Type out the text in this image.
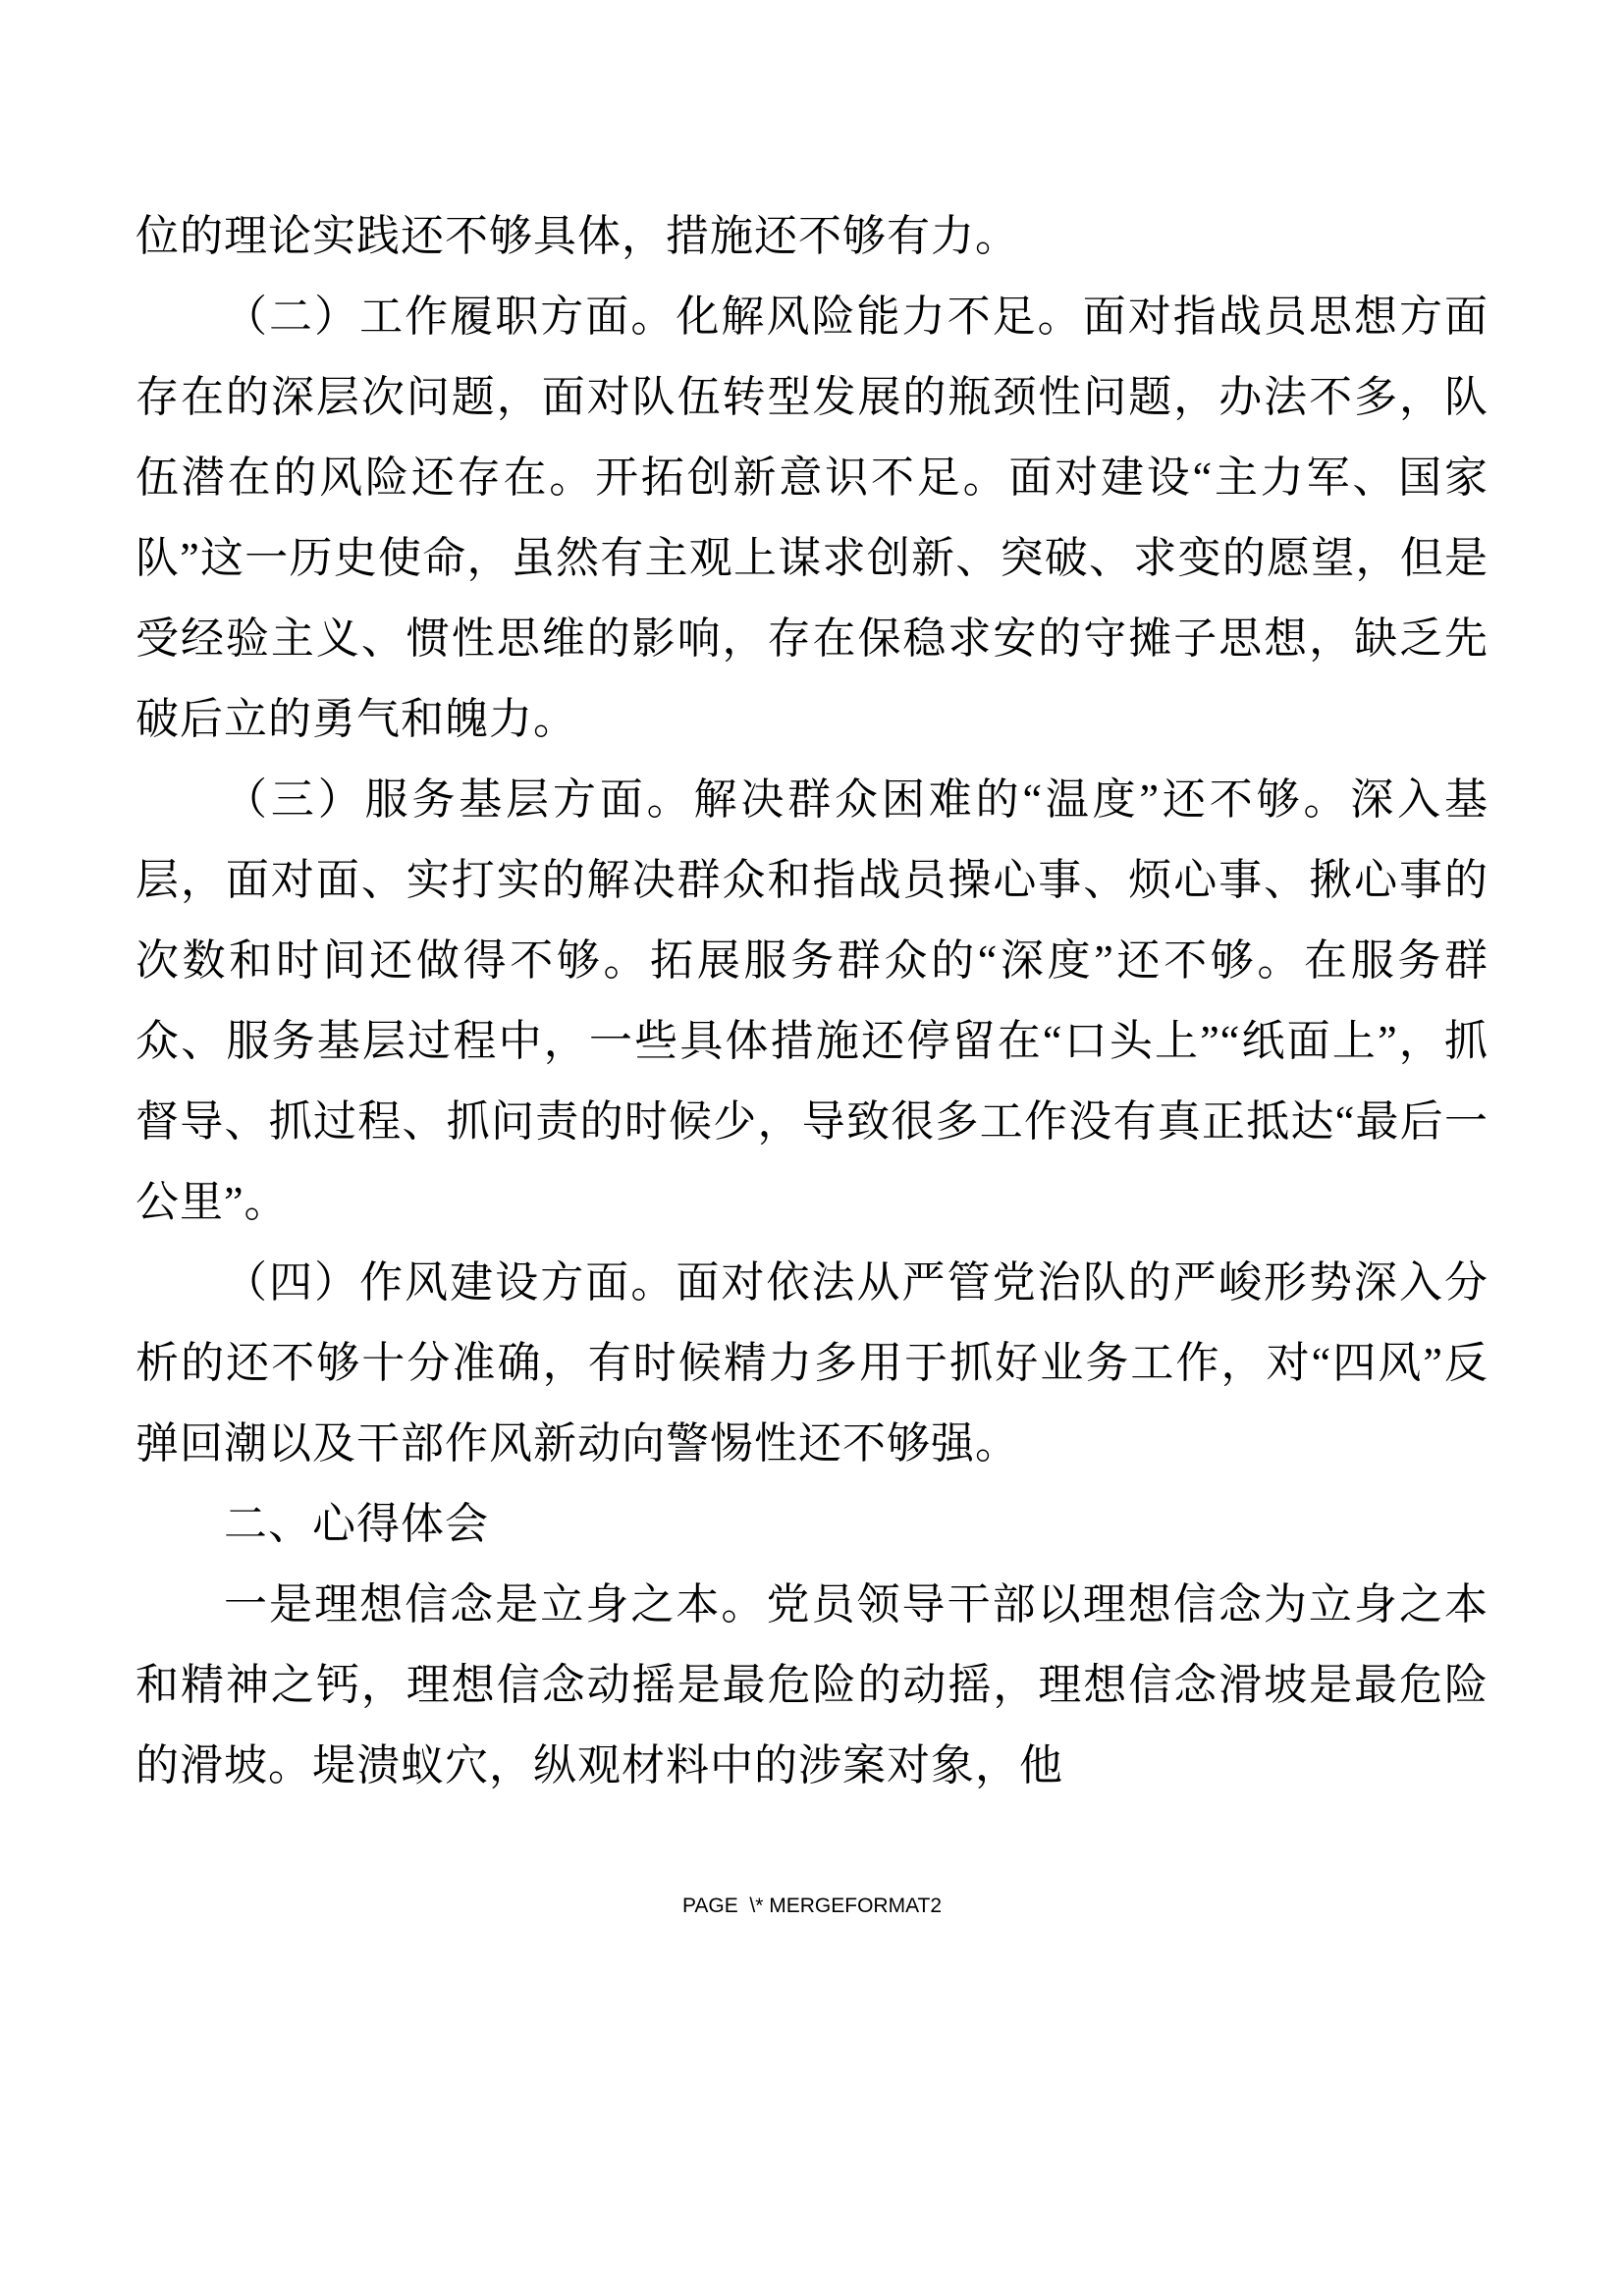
位的理论实践还不够具体，措施还不够有力。

（二）工作履职方面。化解风险能力不足。面对指战员思想方面存在的深层次问题，面对队伍转型发展的瓶颈性问题，办法不多，队伍潜在的风险还存在。开拓创新意识不足。面对建设“主力军、国家队”这一历史使命，虽然有主观上谋求创新、突破、求变的愿望，但是受经验主义、惯性思维的影响，存在保稳求安的守摊子思想，缺乏先破后立的勇气和魄力。

（三）服务基层方面。解决群众困难的“温度”还不够。深入基层，面对面、实打实的解决群众和指战员操心事、烦心事、揪心事的次数和时间还做得不够。拓展服务群众的“深度”还不够。在服务群众、服务基层过程中，一些具体措施还停留在“口头上”“纸面上”，抓督导、抓过程、抓问责的时候少，导致很多工作没有真正抵达“最后一公里”。

（四）作风建设方面。面对依法从严管党治队的严峻形势深入分析的还不够十分准确，有时候精力多用于抓好业务工作，对“四风”反弹回潮以及干部作风新动向警惕性还不够强。

二、心得体会

一是理想信念是立身之本。党员领导干部以理想信念为立身之本和精神之钙，理想信念动摇是最危险的动摇，理想信念滑坡是最危险的滑坡。堤溃蚁穴，纵观材料中的涉案对象，他

PAGE  \* MERGEFORMAT2
